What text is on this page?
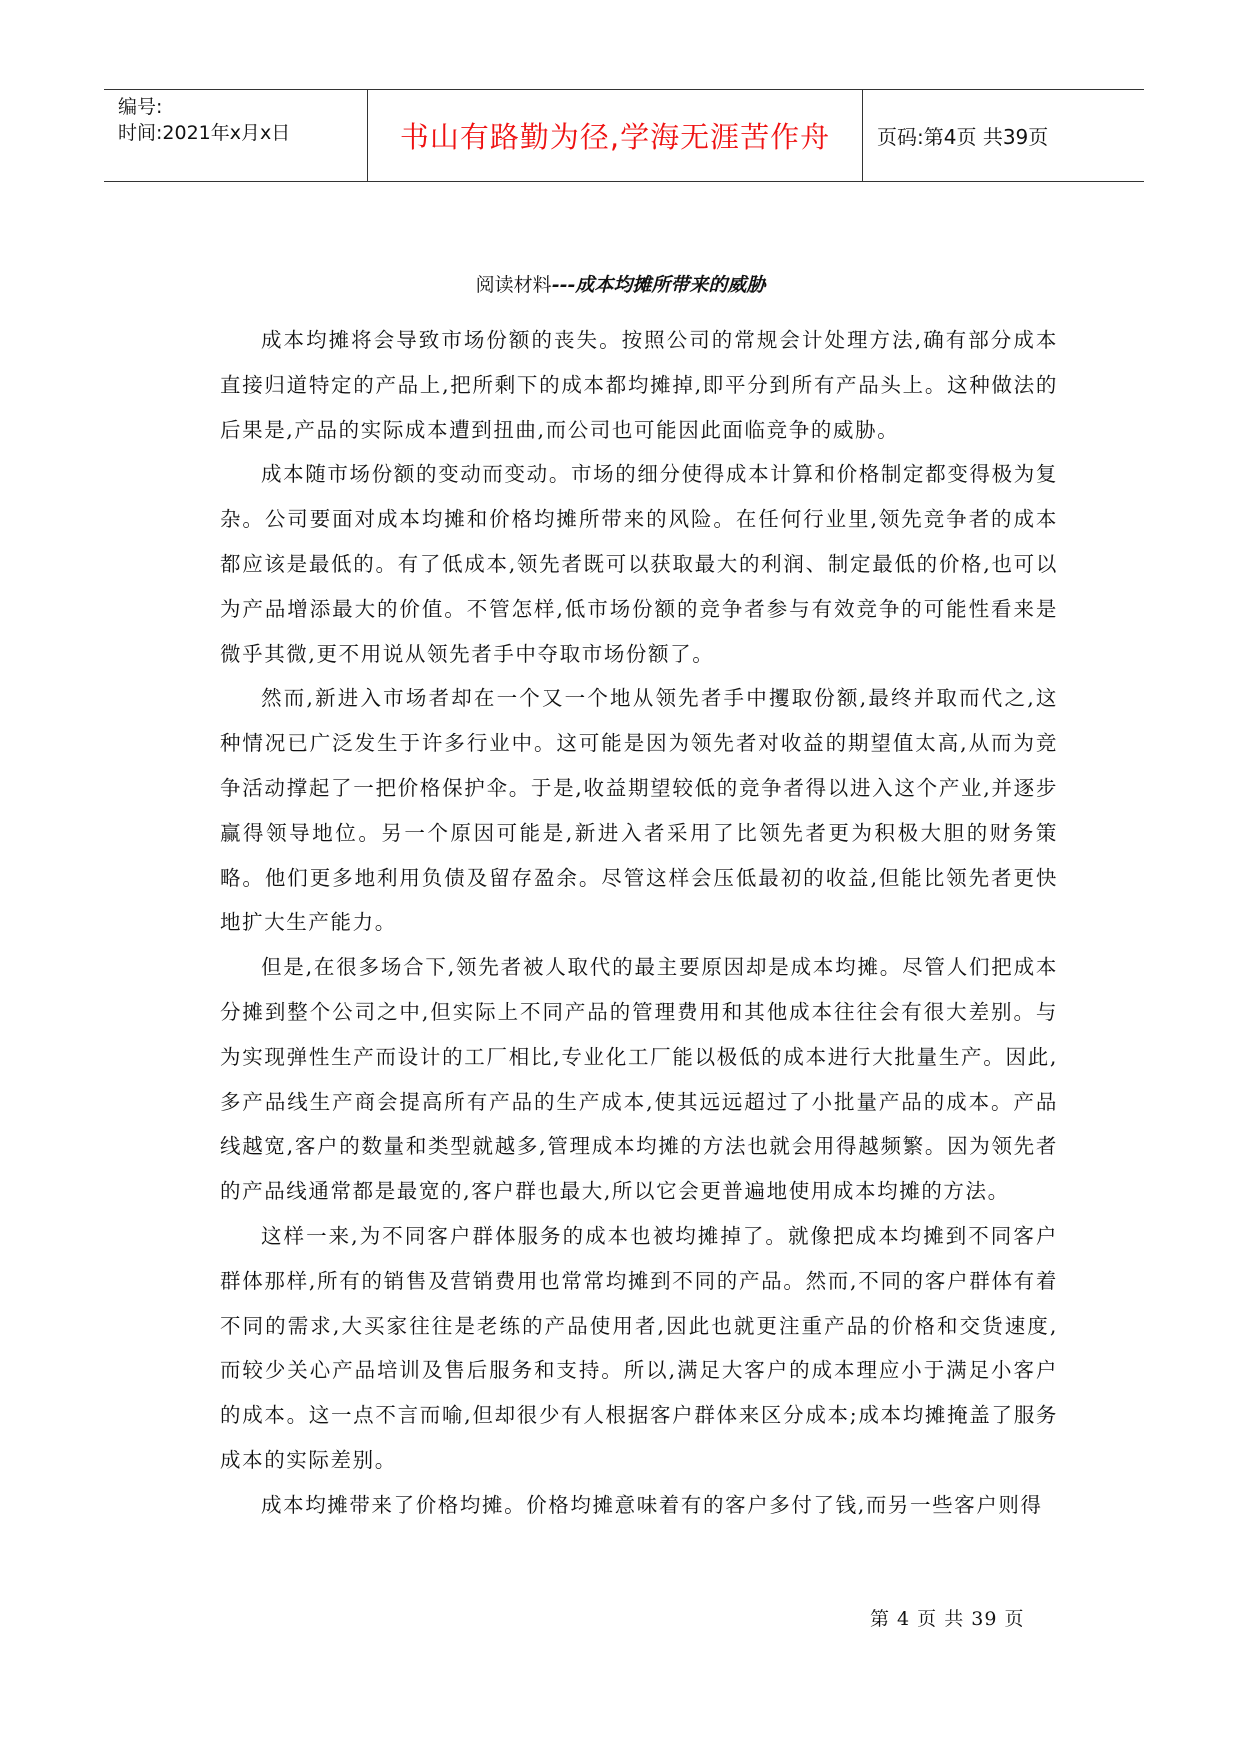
编号:
时间:2021年x月x日	书山有路勤为径,学海无涯苦作舟	页码:第4页 共39页
阅读材料---成本均摊所带来的威胁

成本均摊将会导致市场份额的丧失。按照公司的常规会计处理方法,确有部分成本直接归道特定的产品上,把所剩下的成本都均摊掉,即平分到所有产品头上。这种做法的后果是,产品的实际成本遭到扭曲,而公司也可能因此面临竞争的威胁。

成本随市场份额的变动而变动。市场的细分使得成本计算和价格制定都变得极为复杂。公司要面对成本均摊和价格均摊所带来的风险。在任何行业里,领先竞争者的成本都应该是最低的。有了低成本,领先者既可以获取最大的利润、制定最低的价格,也可以为产品增添最大的价值。不管怎样,低市场份额的竞争者参与有效竞争的可能性看来是微乎其微,更不用说从领先者手中夺取市场份额了。

然而,新进入市场者却在一个又一个地从领先者手中攫取份额,最终并取而代之,这种情况已广泛发生于许多行业中。这可能是因为领先者对收益的期望值太高,从而为竞争活动撑起了一把价格保护伞。于是,收益期望较低的竞争者得以进入这个产业,并逐步赢得领导地位。另一个原因可能是,新进入者采用了比领先者更为积极大胆的财务策略。他们更多地利用负债及留存盈余。尽管这样会压低最初的收益,但能比领先者更快地扩大生产能力。

但是,在很多场合下,领先者被人取代的最主要原因却是成本均摊。尽管人们把成本分摊到整个公司之中,但实际上不同产品的管理费用和其他成本往往会有很大差别。与为实现弹性生产而设计的工厂相比,专业化工厂能以极低的成本进行大批量生产。因此,多产品线生产商会提高所有产品的生产成本,使其远远超过了小批量产品的成本。产品线越宽,客户的数量和类型就越多,管理成本均摊的方法也就会用得越频繁。因为领先者的产品线通常都是最宽的,客户群也最大,所以它会更普遍地使用成本均摊的方法。

这样一来,为不同客户群体服务的成本也被均摊掉了。就像把成本均摊到不同客户群体那样,所有的销售及营销费用也常常均摊到不同的产品。然而,不同的客户群体有着不同的需求,大买家往往是老练的产品使用者,因此也就更注重产品的价格和交货速度,而较少关心产品培训及售后服务和支持。所以,满足大客户的成本理应小于满足小客户的成本。这一点不言而喻,但却很少有人根据客户群体来区分成本;成本均摊掩盖了服务成本的实际差别。

成本均摊带来了价格均摊。价格均摊意味着有的客户多付了钱,而另一些客户则得

第 4 页 共 39 页
